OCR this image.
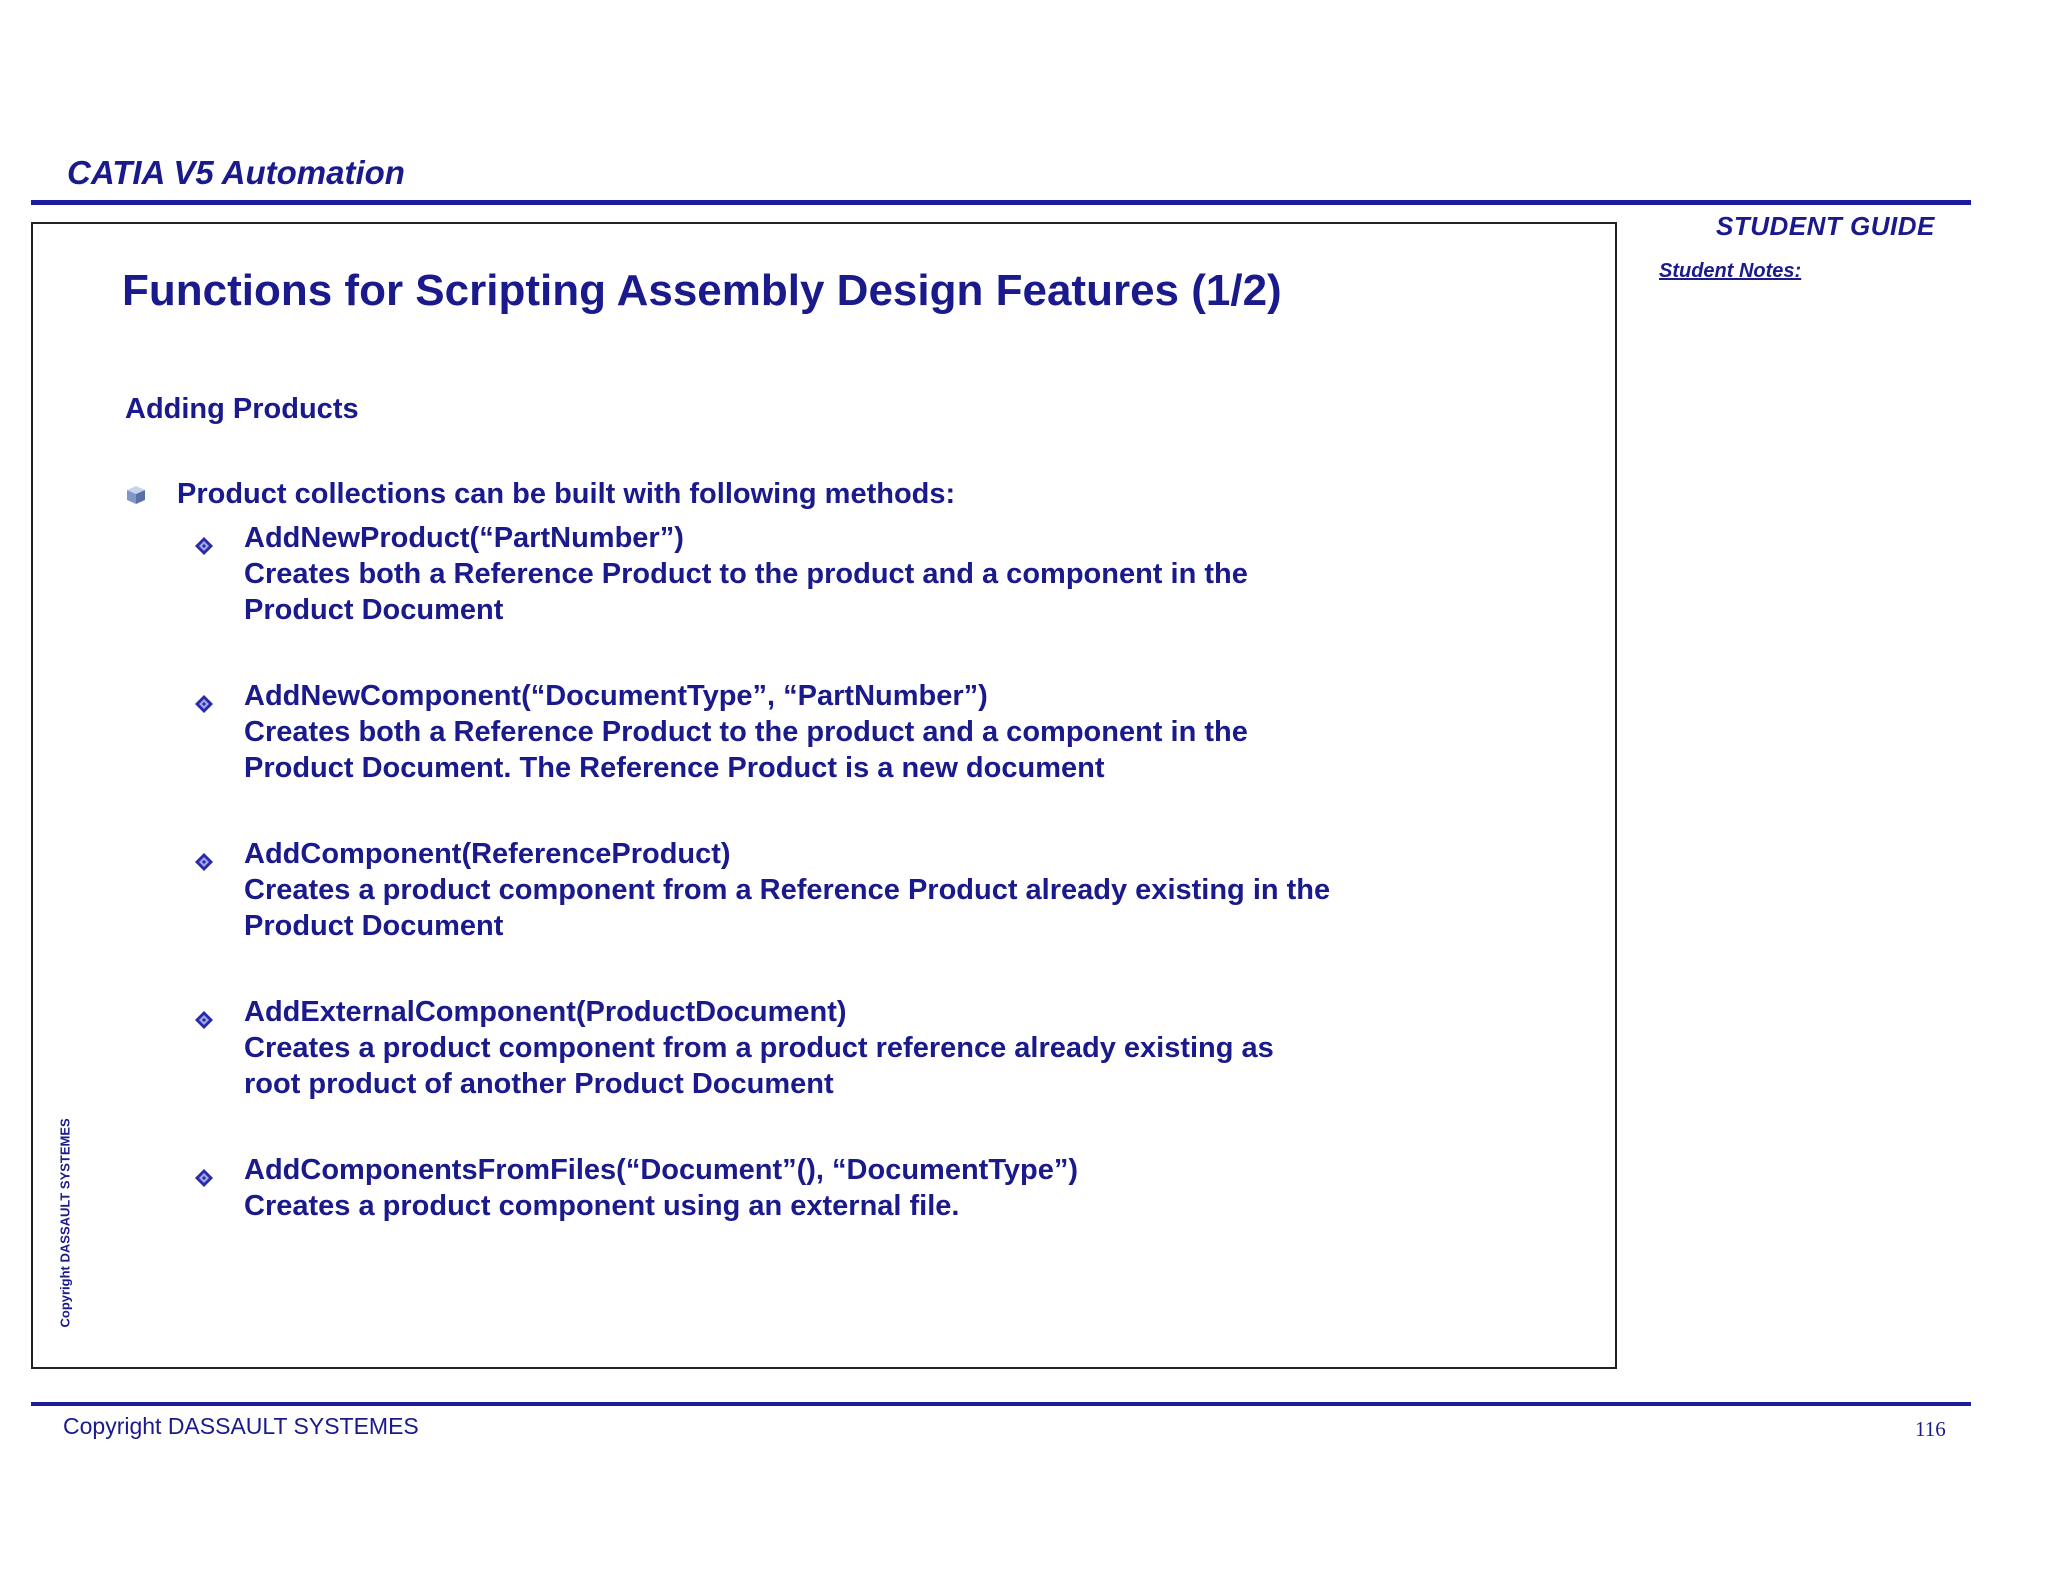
CATIA V5 Automation
STUDENT GUIDE
Student Notes:
Functions for Scripting Assembly Design Features (1/2)
Adding Products
Product collections can be built with following methods:
AddNewProduct(“PartNumber”)
Creates both a Reference Product to the product and a component in the
Product Document
AddNewComponent(“DocumentType”, “PartNumber”)
Creates both a Reference Product to the product and a component in the
Product Document. The Reference Product is a new document
AddComponent(ReferenceProduct)
Creates a product component from a Reference Product already existing in the
Product Document
AddExternalComponent(ProductDocument)
Creates a product component from a product reference already existing as
root product of another Product Document
AddComponentsFromFiles(“Document”(), “DocumentType”)
Creates a product component using an external file.
Copyright DASSAULT SYSTEMES
Copyright DASSAULT SYSTEMES	116
